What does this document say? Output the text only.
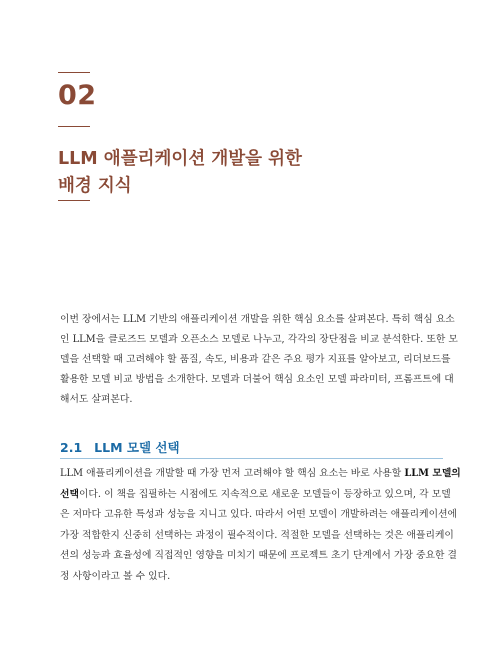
02
LLM 애플리케이션 개발을 위한
배경 지식
이번 장에서는 LLM 기반의 애플리케이션 개발을 위한 핵심 요소를 살펴본다. 특히 핵심 요소
인 LLM을 클로즈드 모델과 오픈소스 모델로 나누고, 각각의 장단점을 비교 분석한다. 또한 모
델을 선택할 때 고려해야 할 품질, 속도, 비용과 같은 주요 평가 지표를 알아보고, 리더보드를
활용한 모델 비교 방법을 소개한다. 모델과 더불어 핵심 요소인 모델 파라미터, 프롬프트에 대
해서도 살펴본다.
2.1 LLM 모델 선택
LLM 애플리케이션을 개발할 때 가장 먼저 고려해야 할 핵심 요소는 바로 사용할 LLM 모델의
선택이다. 이 책을 집필하는 시점에도 지속적으로 새로운 모델들이 등장하고 있으며, 각 모델
은 저마다 고유한 특성과 성능을 지니고 있다. 따라서 어떤 모델이 개발하려는 애플리케이션에
가장 적합한지 신중히 선택하는 과정이 필수적이다. 적절한 모델을 선택하는 것은 애플리케이
션의 성능과 효율성에 직접적인 영향을 미치기 때문에 프로젝트 초기 단계에서 가장 중요한 결
정 사항이라고 볼 수 있다.
